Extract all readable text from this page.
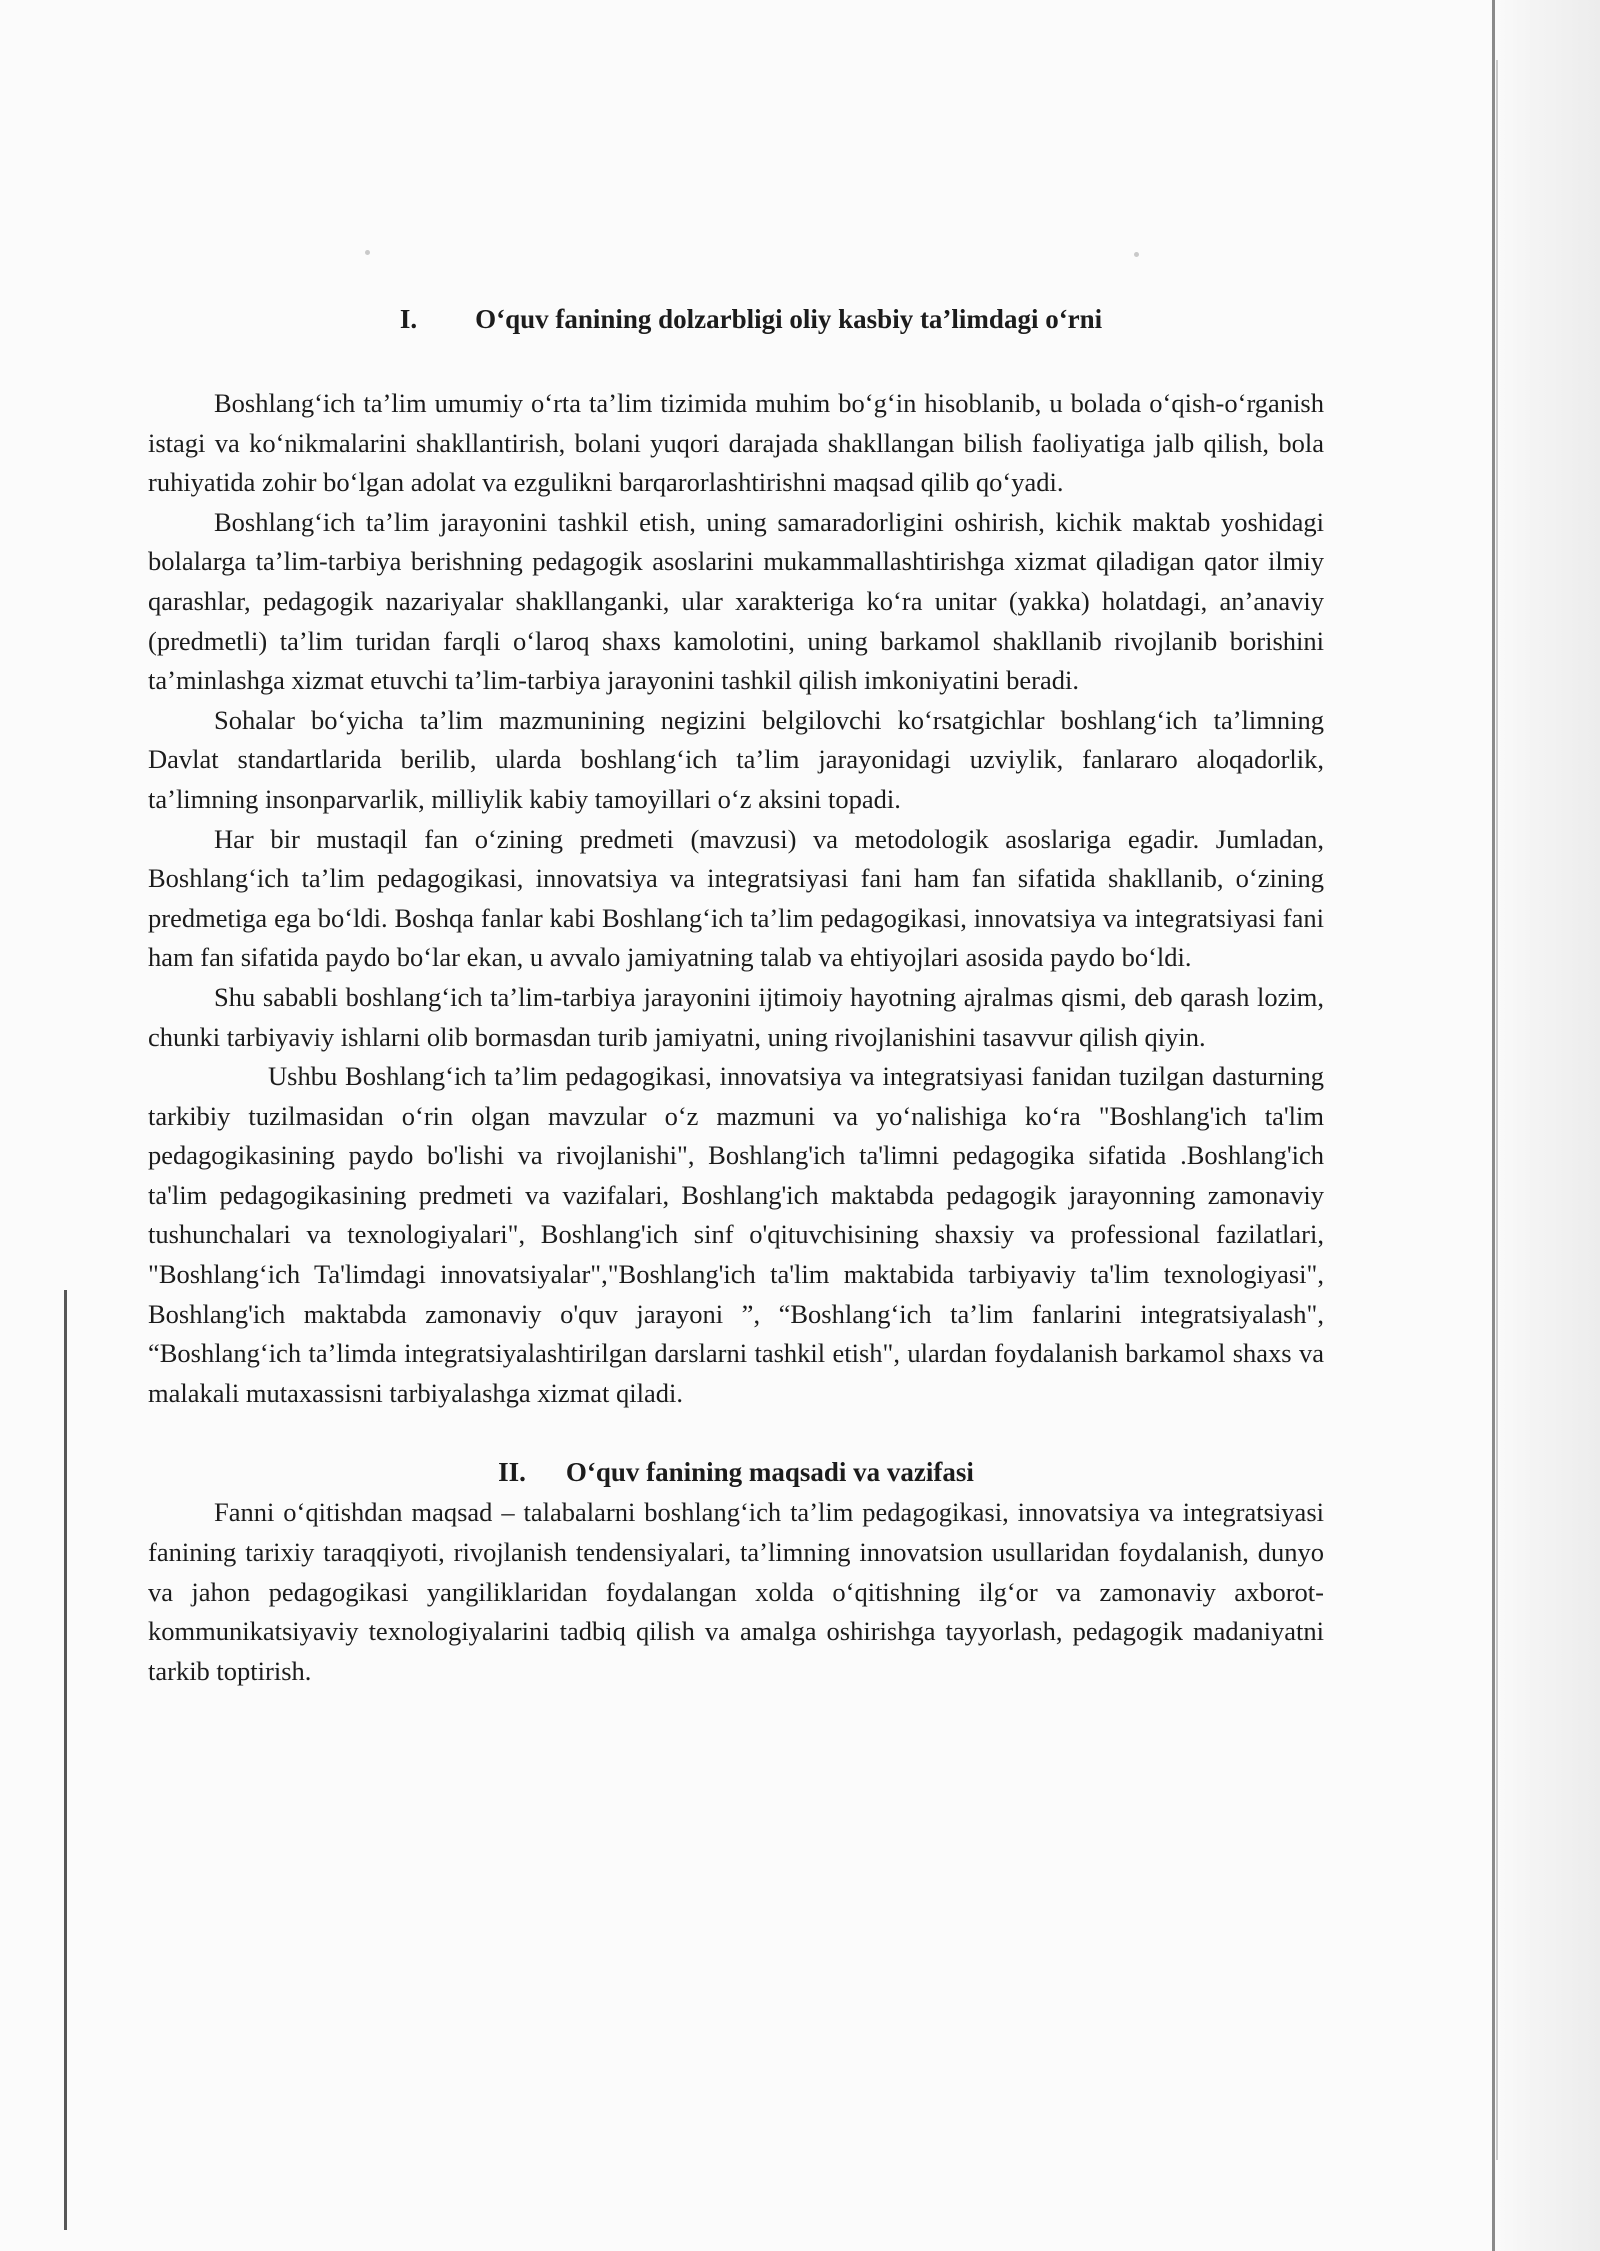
I. O‘quv fanining dolzarbligi oliy kasbiy ta’limdagi o‘rni

Boshlang‘ich ta’lim umumiy o‘rta ta’lim tizimida muhim bo‘g‘in hisoblanib, u bolada o‘qish-o‘rganish istagi va ko‘nikmalarini shakllantirish, bolani yuqori darajada shakllangan bilish faoliyatiga jalb qilish, bola ruhiyatida zohir bo‘lgan adolat va ezgulikni barqarorlashtirishni maqsad qilib qo‘yadi.

Boshlang‘ich ta’lim jarayonini tashkil etish, uning samaradorligini oshirish, kichik maktab yoshidagi bolalarga ta’lim-tarbiya berishning pedagogik asoslarini mukammallashtirishga xizmat qiladigan qator ilmiy qarashlar, pedagogik nazariyalar shakllanganki, ular xarakteriga ko‘ra unitar (yakka) holatdagi, an’anaviy (predmetli) ta’lim turidan farqli o‘laroq shaxs kamolotini, uning barkamol shakllanib rivojlanib borishini ta’minlashga xizmat etuvchi ta’lim-tarbiya jarayonini tashkil qilish imkoniyatini beradi.

Sohalar bo‘yicha ta’lim mazmunining negizini belgilovchi ko‘rsatgichlar boshlang‘ich ta’limning Davlat standartlarida berilib, ularda boshlang‘ich ta’lim jarayonidagi uzviylik, fanlararo aloqadorlik, ta’limning insonparvarlik, milliylik kabiy tamoyillari o‘z aksini topadi.

Har bir mustaqil fan o‘zining predmeti (mavzusi) va metodologik asoslariga egadir. Jumladan, Boshlang‘ich ta’lim pedagogikasi, innovatsiya va integratsiyasi fani ham fan sifatida shakllanib, o‘zining predmetiga ega bo‘ldi. Boshqa fanlar kabi Boshlang‘ich ta’lim pedagogikasi, innovatsiya va integratsiyasi fani ham fan sifatida paydo bo‘lar ekan, u avvalo jamiyatning talab va ehtiyojlari asosida paydo bo‘ldi.

Shu sababli boshlang‘ich ta’lim-tarbiya jarayonini ijtimoiy hayotning ajralmas qismi, deb qarash lozim, chunki tarbiyaviy ishlarni olib bormasdan turib jamiyatni, uning rivojlanishini tasavvur qilish qiyin.

Ushbu Boshlang‘ich ta’lim pedagogikasi, innovatsiya va integratsiyasi fanidan tuzilgan dasturning tarkibiy tuzilmasidan o‘rin olgan mavzular o‘z mazmuni va yo‘nalishiga ko‘ra "Boshlang'ich ta'lim pedagogikasining paydo bo'lishi va rivojlanishi", Boshlang'ich ta'limni pedagogika sifatida .Boshlang'ich ta'lim pedagogikasining predmeti va vazifalari, Boshlang'ich maktabda pedagogik jarayonning zamonaviy tushunchalari va texnologiyalari", Boshlang'ich sinf o'qituvchisining shaxsiy va professional fazilatlari, "Boshlang‘ich Ta'limdagi innovatsiyalar","Boshlang'ich ta'lim maktabida tarbiyaviy ta'lim texnologiyasi", Boshlang'ich maktabda zamonaviy o'quv jarayoni ”, “Boshlang‘ich ta’lim fanlarini integratsiyalash", “Boshlang‘ich ta’limda integratsiyalashtirilgan darslarni tashkil etish", ulardan foydalanish barkamol shaxs va malakali mutaxassisni tarbiyalashga xizmat qiladi.

II. O‘quv fanining maqsadi va vazifasi

Fanni o‘qitishdan maqsad – talabalarni boshlang‘ich ta’lim pedagogikasi, innovatsiya va integratsiyasi fanining tarixiy taraqqiyoti, rivojlanish tendensiyalari, ta’limning innovatsion usullaridan foydalanish, dunyo va jahon pedagogikasi yangiliklaridan foydalangan xolda o‘qitishning ilg‘or va zamonaviy axborot-kommunikatsiyaviy texnologiyalarini tadbiq qilish va amalga oshirishga tayyorlash, pedagogik madaniyatni tarkib toptirish.
